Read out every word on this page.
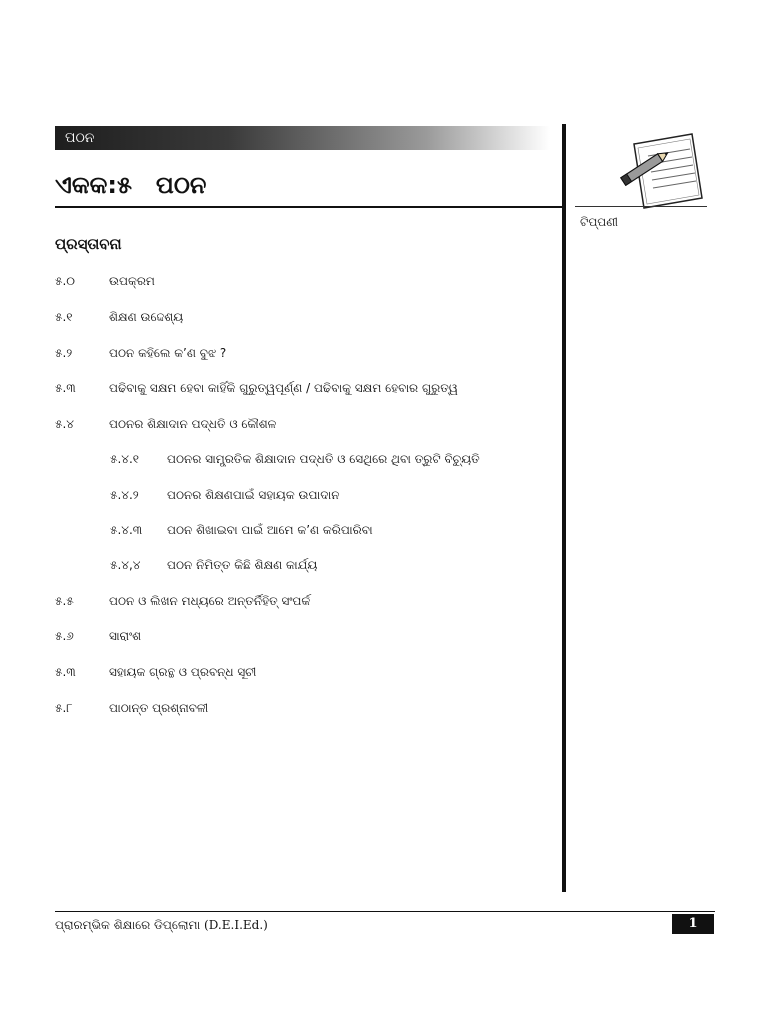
ପଠନ
ଏକକ:୫ ପଠନ
ଟିପ୍ପଣୀ
ପ୍ରସ୍ତାବନା
୫.୦	ଉପକ୍ରମ
୫.୧	ଶିକ୍ଷଣ ଉଦ୍ଦେଶ୍ୟ
୫.୨	ପଠନ କହିଲେ କ’ଣ ବୁଝ ?
୫.୩	ପଢିବାକୁ ସକ୍ଷମ ହେବା କାହିଁକି ଗୁରୁତ୍ୱପୂର୍ଣ୍ଣ / ପଢିବାକୁ ସକ୍ଷମ ହେବାର ଗୁରୁତ୍ୱ
୫.୪	ପଠନର ଶିକ୍ଷାଦାନ ପଦ୍ଧତି ଓ କୌଶଳ
୫.୪.୧ ପଠନର ସାମ୍ପ୍ରତିକ ଶିକ୍ଷାଦାନ ପଦ୍ଧତି ଓ ସେଥିରେ ଥିବା ତ୍ରୁଟି ବିଚ୍ୟୁତି
୫.୪.୨ ପଠନର ଶିକ୍ଷଣପାଇଁ ସହାୟକ ଉପାଦାନ
୫.୪.୩ ପଠନ ଶିଖାଇବା ପାଇଁ ଆମେ କ’ଣ କରିପାରିବା
୫.୪,୪ ପଠନ ନିମିତ୍ତ କିଛି ଶିକ୍ଷଣ କାର୍ଯ୍ୟ
୫.୫	ପଠନ ଓ ଲିଖନ ମଧ୍ୟରେ ଅନ୍ତର୍ନିହିତ୍ ସଂପର୍କ
୫.୬	ସାରାଂଶ
୫.୩	ସହାୟକ ଗ୍ରନ୍ଥ ଓ ପ୍ରବନ୍ଧ ସୂଚୀ
୫.୮	ପାଠାନ୍ତ ପ୍ରଶ୍ନାବଳୀ
ପ୍ରାରମ୍ଭିକ ଶିକ୍ଷାରେ ଡିପ୍ଲୋମା (D.E.I.Ed.)	1
